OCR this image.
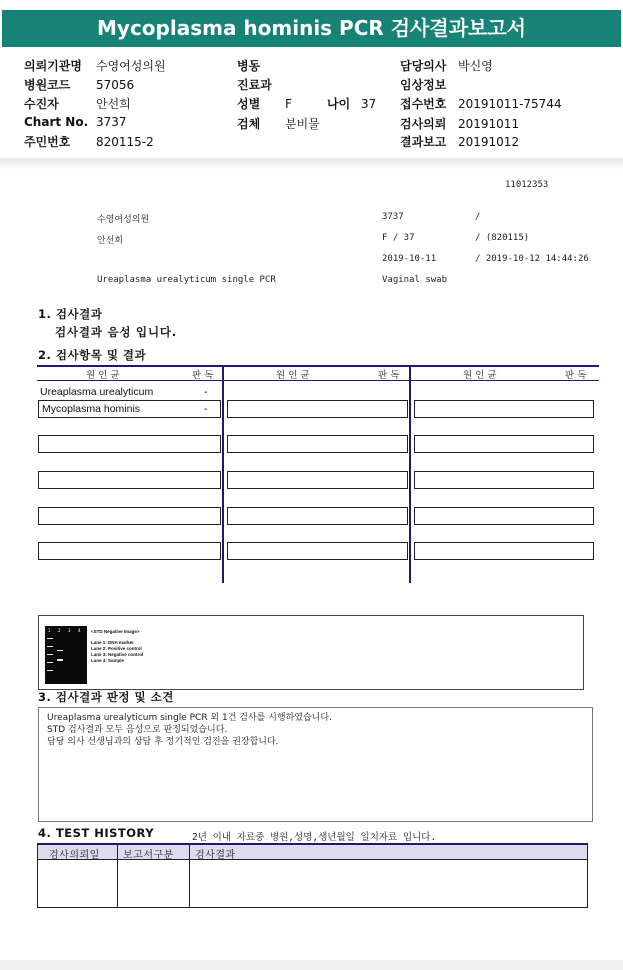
Mycoplasma hominis PCR 검사결과보고서
의뢰기관명 수영여성의원
병원코드 57056
수진자	안선희
Chart No. 3737
주민번호 820115-2
병동
진료과
성별 F	나이 37
검체 분비물
담당의사 박신영
임상정보
접수번호 20191011-75744
검사의뢰 20191011
결과보고 20191012
11012353
수영여성의원	3737	/
안선희	F / 37	/ (820115)
2019-10-11	/ 2019-10-12 14:44:26
Ureaplasma urealyticum single PCR	Vaginal swab
1. 검사결과
검사결과 음성 입니다.
2. 검사항목 및 결과
원 인 균	판 독	원 인 균	판 독	원 인 균	판 독
Ureaplasma urealyticum	-
Mycoplasma hominis	-
1 2 3 4 <STD Negative Image>
Lane 1: DNA marker
Lane 2: Positive control
Lane 3: Negative control
Lane 4: Sample
3. 검사결과 판정 및 소견
Ureaplasma urealyticum single PCR 외 1건 검사를 시행하였습니다.
STD 검사결과 모두 음성으로 판정되었습니다.
담당 의사 선생님과의 상담 후 정기적인 검진을 권장합니다.
4. TEST HISTORY	2년 이내 자료중 병원,성명,생년월일 일치자료 입니다.
검사의뢰일 보고서구분 검사결과
